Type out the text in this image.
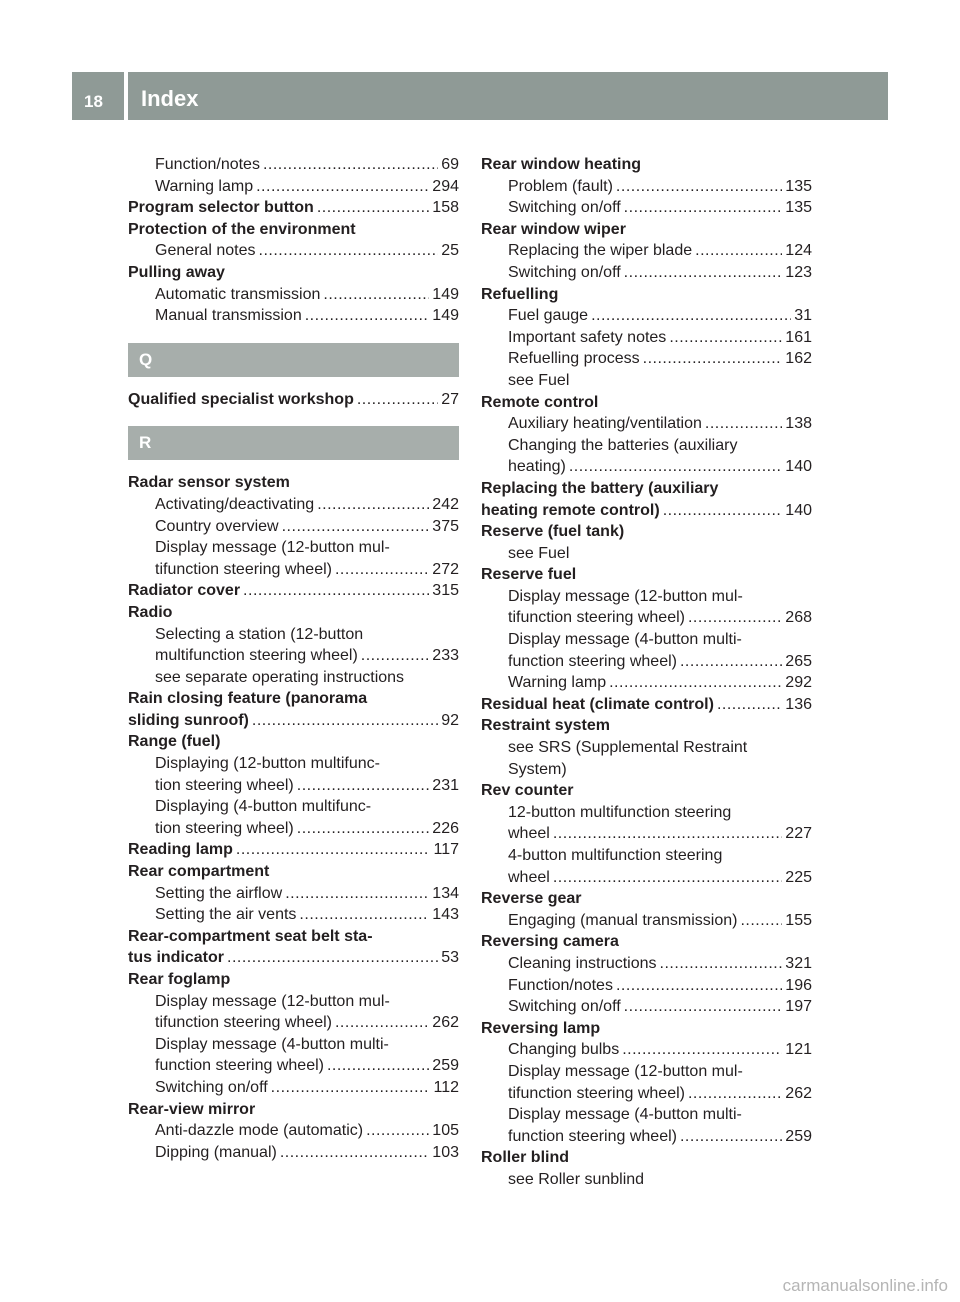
18 Index
Function/notes .....	69
Warning lamp .....	294
Program selector button .....	158
Protection of the environment
General notes .....	25
Pulling away
Automatic transmission .....	149
Manual transmission .....	149
Q
Qualified specialist workshop .....	27
R
Radar sensor system
Activating/deactivating .....	242
Country overview .....	375
Display message (12-button mul-
tifunction steering wheel) .....	272
Radiator cover .....	315
Radio
Selecting a station (12-button
multifunction steering wheel) .....	233
see separate operating instructions
Rain closing feature (panorama
sliding sunroof) .....	92
Range (fuel)
Displaying (12-button multifunc-
tion steering wheel) .....	231
Displaying (4-button multifunc-
tion steering wheel) .....	226
Reading lamp .....	117
Rear compartment
Setting the airflow .....	134
Setting the air vents .....	143
Rear-compartment seat belt sta-
tus indicator .....	53
Rear foglamp
Display message (12-button mul-
tifunction steering wheel) .....	262
Display message (4-button multi-
function steering wheel) .....	259
Switching on/off .....	112
Rear-view mirror
Anti-dazzle mode (automatic) .....	105
Dipping (manual) .....	103
Rear window heating
Problem (fault) .....	135
Switching on/off .....	135
Rear window wiper
Replacing the wiper blade .....	124
Switching on/off .....	123
Refuelling
Fuel gauge .....	31
Important safety notes .....	161
Refuelling process .....	162
see Fuel
Remote control
Auxiliary heating/ventilation .....	138
Changing the batteries (auxiliary
heating) .....	140
Replacing the battery (auxiliary
heating remote control) .....	140
Reserve (fuel tank)
see Fuel
Reserve fuel
Display message (12-button mul-
tifunction steering wheel) .....	268
Display message (4-button multi-
function steering wheel) .....	265
Warning lamp .....	292
Residual heat (climate control) .....	136
Restraint system
see SRS (Supplemental Restraint
System)
Rev counter
12-button multifunction steering
wheel .....	227
4-button multifunction steering
wheel .....	225
Reverse gear
Engaging (manual transmission) .....	155
Reversing camera
Cleaning instructions .....	321
Function/notes .....	196
Switching on/off .....	197
Reversing lamp
Changing bulbs .....	121
Display message (12-button mul-
tifunction steering wheel) .....	262
Display message (4-button multi-
function steering wheel) .....	259
Roller blind
see Roller sunblind
carmanualsonline.info
